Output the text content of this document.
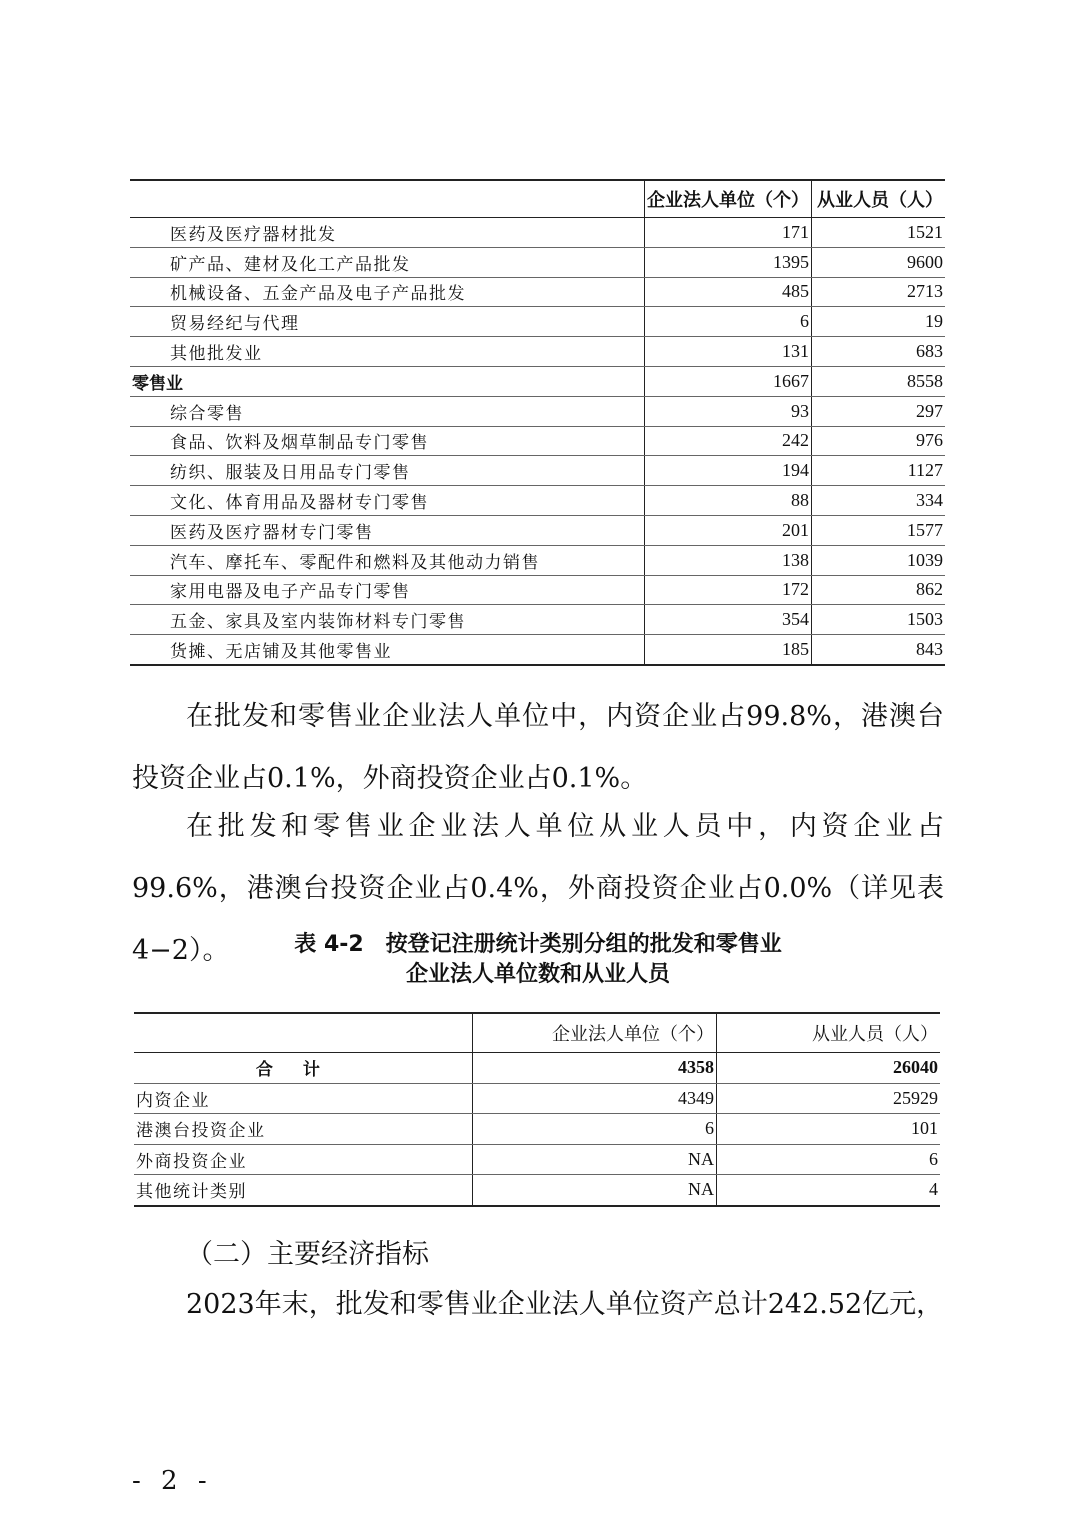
	企业法人单位（个）	从业人员（人）
医药及医疗器材批发	171	1521
矿产品、建材及化工产品批发	1395	9600
机械设备、五金产品及电子产品批发	485	2713
贸易经纪与代理	6	19
其他批发业	131	683
零售业	1667	8558
综合零售	93	297
食品、饮料及烟草制品专门零售	242	976
纺织、服装及日用品专门零售	194	1127
文化、体育用品及器材专门零售	88	334
医药及医疗器材专门零售	201	1577
汽车、摩托车、零配件和燃料及其他动力销售	138	1039
家用电器及电子产品专门零售	172	862
五金、家具及室内装饰材料专门零售	354	1503
货摊、无店铺及其他零售业	185	843
在批发和零售业企业法人单位中，内资企业占99.8%，港澳台投资企业占0.1%，外商投资企业占0.1%。
在批发和零售业企业法人单位从业人员中，内资企业占99.6%，港澳台投资企业占0.4%，外商投资企业占0.0%（详见表4−2）。	表 4-2　按登记注册统计类别分组的批发和零售业
企业法人单位数和从业人员
	企业法人单位（个）	从业人员（人）
合计	4358	26040
内资企业	4349	25929
港澳台投资企业	6	101
外商投资企业	NA	6
其他统计类别	NA	4
（二）主要经济指标
2023年末，批发和零售业企业法人单位资产总计242.52亿元，
- 2 -
